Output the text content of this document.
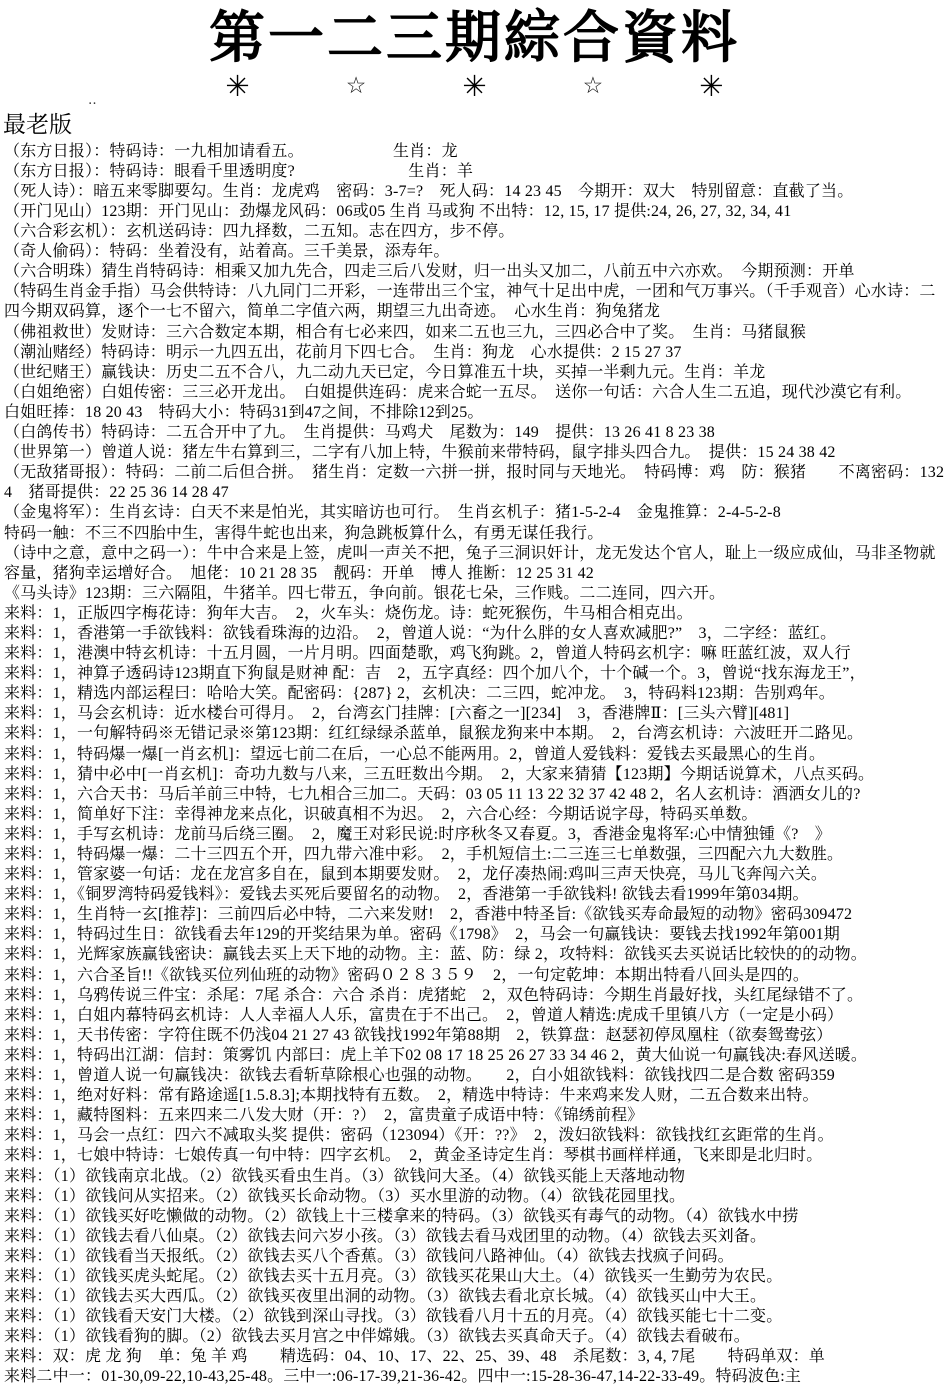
第一二三期綜合資料
‥	✳︎	☆	✳︎	☆	✳︎
最老版

（东方日报）：特码诗：一九相加请看五。　　　　　　生肖：龙

（东方日报）：特码诗：眼看千里透明度?　　　　　　　生肖：羊

（死人诗）：暗五来零脚要勾。生肖：龙虎鸡　密码：3-7=?　死人码：14 23 45　今期开：双大　特别留意：直截了当。

（开门见山）123期：开门见山：劲爆龙风码：06或05 生肖 马或狗 不出特：12, 15, 17 提供:24, 26, 27, 32, 34, 41

（六合彩玄机）：玄机送码诗：四九择数，二五知。志在四方，步不停。

（奇人偷码）：特码：坐着没有，站着高。三千美景，添寿年。

（六合明珠）猜生肖特码诗：相乘又加九先合，四走三后八发财，归一出头又加二，八前五中六亦欢。　今期预测：开单

（特码生肖金手指）马会供特诗：八九同门二开彩，一连带出三个宝，神气十足出中虎，一团和气万事兴。（千手观音）心水诗：二四今期双码算，逐个一七不留六，简单二字值六两，期望三九出奇迹。　心水生肖：狗兔猪龙

（佛祖救世）发财诗：三六合数定本期，相合有七必来四，如来二五也三九，三四必合中了奖。　生肖：马猪鼠猴

（潮汕赌经）特码诗：明示一九四五出，花前月下四七合。　生肖：狗龙　心水提供：2 15 27 37

（世纪赌王）赢钱诀：历史二五不合八，九二动九天已定，今日算准五十块，买掉一半剩九元。生肖：羊龙

（白姐绝密）白姐传密：三三必开龙出。　白姐提供连码：虎来合蛇一五尽。　送你一句话：六合人生二五追，现代沙漠它有利。　　白姐旺捧：18 20 43　特码大小：特码31到47之间，不排除12到25。

（白鸽传书）特码诗：二五合开中了九。　生肖提供：马鸡犬　尾数为：149　提供：13 26 41 8 23 38

（世界第一）曾道人说：猪左牛右算到三，二字有八加上特，牛猴前来带特码，鼠字排头四合九。　提供：15 24 38 42

（无敌猪哥报）：特码：二前二后但合拼。　猪生肖：定数一六拼一拼，报时同与天地光。　特码博：鸡　防：猴猪　　不离密码：1324　猪哥提供：22 25 36 14 28 47

（金鬼将军）：生肖玄诗：白天不来是怕光，其实暗访也可行。　生肖玄机子：猪1-5-2-4　金鬼推算：2-4-5-2-8

特码一触：不三不四胎中生，害得牛蛇也出来，狗急跳板算什么，有勇无谋任我行。

（诗中之意，意中之码一）：牛中合来是上签，虎叫一声关不把，兔子三洞识奸计，龙无发达个官人，耻上一级应成仙，马非圣物就容量，猪狗幸运增好合。　旭佬：10 21 28 35　靓码：开单　博人 推断：12 25 31 42

《马头诗》123期：三六隔阻，牛猪羊。四七带五，争向前。银花七朵，三作贱。二二连同，四六开。

来料：1，正版四字梅花诗：狗年大吉。　2，火车头：烧伤龙。诗：蛇死猴伤，牛马相合相克出。

来料：1，香港第一手欲钱料：欲钱看珠海的边沿。　2，曾道人说：“为什么胖的女人喜欢减肥?”　3，二字经：蓝红。

来料：1，港澳中特玄机诗：十五月圆，一片月明。四面楚歌，鸡飞狗跳。2，曾道人特码玄机字：嘛 旺蓝红波，双人行

来料：1，神算子透码诗123期直下狗鼠是财神 配：吉　2，五字真经：四个加八个，十个碱一个。3，曾说“找东海龙王”，

来料：1，精选内部运程曰：哈哈大笑。配密码：{287} 2，玄机决：二三四，蛇冲龙。　3，特码料123期：告别鸡年。

来料：1，马会玄机诗：近水楼台可得月。　2，台湾玄门挂牌：[六畜之一][234]　3，香港牌Ⅱ：[三头六臂][481]

来料：1，一句解特码※无错记录※第123期：红红绿绿杀蓝单，鼠猴龙狗来中本期。　2，台湾玄机诗：六波旺开二路见。

来料：1，特码爆一爆[一肖玄机]：望远七前二在后，一心总不能两用。2，曾道人爱钱料：爱钱去买最黑心的生肖。

来料：1，猜中必中[一肖玄机]：奇功九数与八来，三五旺数出今期。　2，大家来猜猜【123期】今期话说算术，八点买码。

来料：1，六合天书：马后羊前三中特，七九相合三加二。天码：03 05 11 13 22 32 37 42 48 2，名人玄机诗：酒洒女儿的?

来料：1，简单好下注：幸得神龙来点化，识破真相不为迟。　2，六合心经：今期话说字母，特码买单数。

来料：1，手写玄机诗：龙前马后绕三圈。　2，魔王对彩民说:时序秋冬又春夏。3，香港金鬼将军:心中情独锺《?　》

来料：1，特码爆一爆：二十三四五个开，四九带六准中彩。　2，手机短信土:二三连三七单数强，三四配六九大数胜。

来料：1，管家婆一句话：龙在龙宫多自在，鼠到本期要发财。　2，龙仔凑热闹:鸡叫三声天快亮，马儿飞奔闯六关。

来料：1，《铜罗湾特码爱钱料》：爱钱去买死后要留名的动物。　2，香港第一手欲钱料! 欲钱去看1999年第034期。

来料：1，生肖特一玄[推荐]：三前四后必中特，二六来发财!　2，香港中特圣旨:《欲钱买寿命最短的动物》密码309472

来料：1，特码过生日：欲钱看去年129的开奖结果为单。密码《1798》　2，马会一句赢钱诀：要钱去找1992年第001期

来料：1，光辉家族赢钱密诀：赢钱去买上天下地的动物。主：蓝、防：绿 2，攻特料：欲钱买去买说话比较快的的动物。

来料：1，六合圣旨!!《欲钱买位列仙班的动物》密码０２８３５９　2，一句定乾坤：本期出特看八回头是四的。

来料：1，乌鸦传说三件宝：杀尾：7尾 杀合：六合 杀肖：虎猪蛇　2，双色特码诗：今期生肖最好找，头红尾绿错不了。

来料：1，白姐内幕特码玄机诗：人人幸福人人乐，富贵在于不出己。　2，曾道人精选:虎成千里镇八方（一定是小码）

来料：1，天书传密：字符住既不仍浅04 21 27 43 欲钱找1992年第88期　2，铁算盘：赵瑟初停凤凰柱（欲奏鸳鸯弦）

来料：1，特码出江湖：信封：策雾饥 内部曰：虎上羊下02 08 17 18 25 26 27 33 34 46 2，黄大仙说一句赢钱决:春风送暖。

来料：1，曾道人说一句赢钱决：欲钱去看斩草除根心也强的动物。　　2，白小姐欲钱料：欲钱找四二是合数 密码359

来料：1，绝对好料：常有路途遥[1.5.8.3];本期找特有五数。　2，精选中特诗：牛来鸡来发人财，二五合数来出特。

来料：1，藏特图料：五来四来二八发大财（开：?）　2，富贵童子成语中特：《锦绣前程》

来料：1，马会一点红：四六不减取头奖 提供：密码（123094）《开：??》　2，泼妇欲钱料：欲钱找红玄距常的生肖。

来料：1，七娘中特诗：七娘传真一句中特：四字玄机。　2，黄金圣诗定生肖：琴棋书画样样通，飞来即是北归时。

来料：（1）欲钱南京北战。（2）欲钱买看虫生肖。（3）欲钱问大圣。（4）欲钱买能上天落地动物

来料：（1）欲钱问从实招来。（2）欲钱买长命动物。（3）买水里游的动物。（4）欲钱花园里找。

来料：（1）欲钱买好吃懒做的动物。（2）欲钱上十三楼拿来的特码。（3）欲钱买有毒气的动物。（4）欲钱水中捞

来料：（1）欲钱去看八仙桌。（2）欲钱去问六岁小孩。（3）欲钱去看马戏团里的动物。（4）欲钱去买刘备。

来料：（1）欲钱看当天报纸。（2）欲钱去买八个香蕉。（3）欲钱问八路神仙。（4）欲钱去找疯子问码。

来料：（1）欲钱买虎头蛇尾。（2）欲钱去买十五月亮。（3）欲钱买花果山大土。（4）欲钱买一生勤劳为农民。

来料：（1）欲钱去买大西瓜。（2）欲钱买夜里出洞的动物。（3）欲钱去看北京长城。（4）欲钱买山中大王。

来料：（1）欲钱看天安门大楼。（2）欲钱到深山寻找。（3）欲钱看八月十五的月亮。（4）欲钱买能七十二变。

来料：（1）欲钱看狗的脚。（2）欲钱去买月宫之中伴嫦娥。（3）欲钱去买真命天子。（4）欲钱去看破布。

来料：双：虎 龙 狗　单：兔 羊 鸡　　精选码：04、10、17、22、25、39、48　杀尾数：3, 4, 7尾　　特码单双：单

来料二中一：01-30,09-22,10-43,25-48。三中一:06-17-39,21-36-42。四中一:15-28-36-47,14-22-33-49。特码波色:主
